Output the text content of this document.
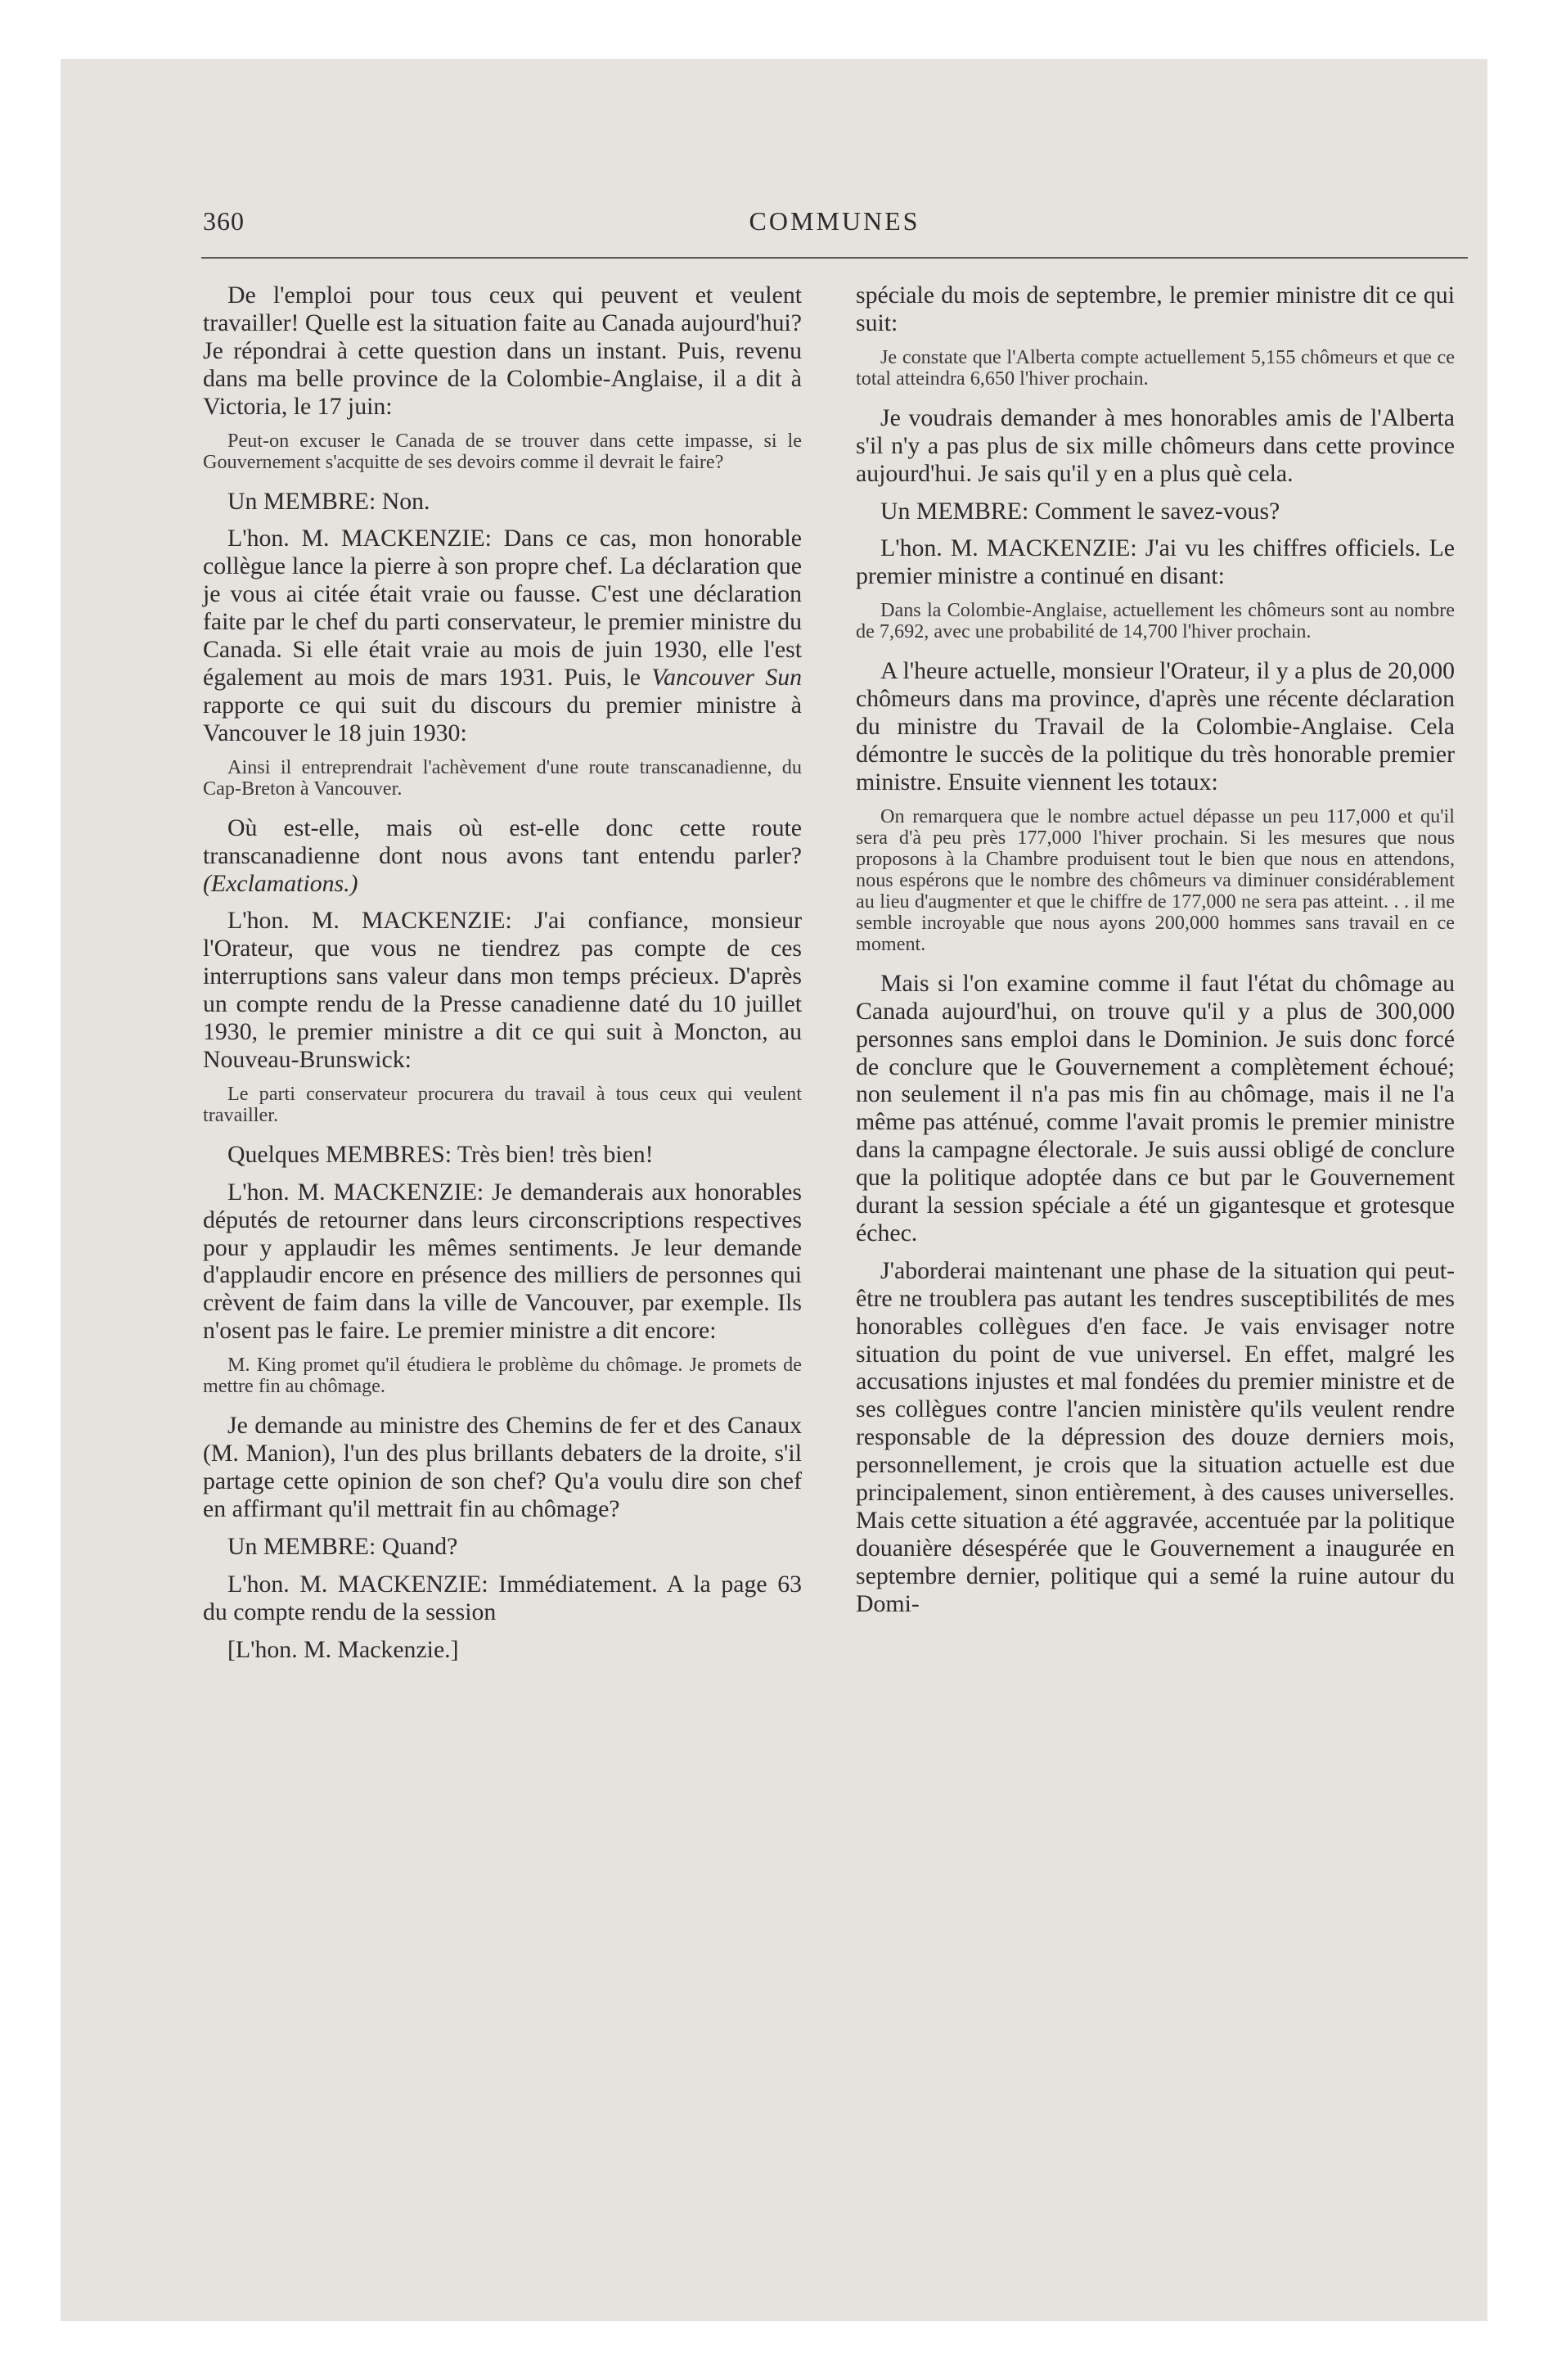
360	COMMUNES

De l'emploi pour tous ceux qui peuvent et veulent travailler! Quelle est la situation faite au Canada aujourd'hui? Je répondrai à cette question dans un instant. Puis, revenu dans ma belle province de la Colombie-Anglaise, il a dit à Victoria, le 17 juin:

Peut-on excuser le Canada de se trouver dans cette impasse, si le Gouvernement s'acquitte de ses devoirs comme il devrait le faire?

Un MEMBRE: Non.

L'hon. M. MACKENZIE: Dans ce cas, mon honorable collègue lance la pierre à son propre chef. La déclaration que je vous ai citée était vraie ou fausse. C'est une déclaration faite par le chef du parti conservateur, le premier ministre du Canada. Si elle était vraie au mois de juin 1930, elle l'est également au mois de mars 1931. Puis, le Vancouver Sun rapporte ce qui suit du discours du premier ministre à Vancouver le 18 juin 1930:

Ainsi il entreprendrait l'achèvement d'une route transcanadienne, du Cap-Breton à Vancouver.

Où est-elle, mais où est-elle donc cette route transcanadienne dont nous avons tant entendu parler? (Exclamations.)

L'hon. M. MACKENZIE: J'ai confiance, monsieur l'Orateur, que vous ne tiendrez pas compte de ces interruptions sans valeur dans mon temps précieux. D'après un compte rendu de la Presse canadienne daté du 10 juillet 1930, le premier ministre a dit ce qui suit à Moncton, au Nouveau-Brunswick:

Le parti conservateur procurera du travail à tous ceux qui veulent travailler.

Quelques MEMBRES: Très bien! très bien!

L'hon. M. MACKENZIE: Je demanderais aux honorables députés de retourner dans leurs circonscriptions respectives pour y applaudir les mêmes sentiments. Je leur demande d'applaudir encore en présence des milliers de personnes qui crèvent de faim dans la ville de Vancouver, par exemple. Ils n'osent pas le faire. Le premier ministre a dit encore:

M. King promet qu'il étudiera le problème du chômage. Je promets de mettre fin au chômage.

Je demande au ministre des Chemins de fer et des Canaux (M. Manion), l'un des plus brillants debaters de la droite, s'il partage cette opinion de son chef? Qu'a voulu dire son chef en affirmant qu'il mettrait fin au chômage?

Un MEMBRE: Quand?

L'hon. M. MACKENZIE: Immédiatement. A la page 63 du compte rendu de la session

[L'hon. M. Mackenzie.]

spéciale du mois de septembre, le premier ministre dit ce qui suit:

Je constate que l'Alberta compte actuellement 5,155 chômeurs et que ce total atteindra 6,650 l'hiver prochain.

Je voudrais demander à mes honorables amis de l'Alberta s'il n'y a pas plus de six mille chômeurs dans cette province aujourd'hui. Je sais qu'il y en a plus què cela.

Un MEMBRE: Comment le savez-vous?

L'hon. M. MACKENZIE: J'ai vu les chiffres officiels. Le premier ministre a continué en disant:

Dans la Colombie-Anglaise, actuellement les chômeurs sont au nombre de 7,692, avec une probabilité de 14,700 l'hiver prochain.

A l'heure actuelle, monsieur l'Orateur, il y a plus de 20,000 chômeurs dans ma province, d'après une récente déclaration du ministre du Travail de la Colombie-Anglaise. Cela démontre le succès de la politique du très honorable premier ministre. Ensuite viennent les totaux:

On remarquera que le nombre actuel dépasse un peu 117,000 et qu'il sera d'à peu près 177,000 l'hiver prochain. Si les mesures que nous proposons à la Chambre produisent tout le bien que nous en attendons, nous espérons que le nombre des chômeurs va diminuer considérablement au lieu d'augmenter et que le chiffre de 177,000 ne sera pas atteint. . . il me semble incroyable que nous ayons 200,000 hommes sans travail en ce moment.

Mais si l'on examine comme il faut l'état du chômage au Canada aujourd'hui, on trouve qu'il y a plus de 300,000 personnes sans emploi dans le Dominion. Je suis donc forcé de conclure que le Gouvernement a complètement échoué; non seulement il n'a pas mis fin au chômage, mais il ne l'a même pas atténué, comme l'avait promis le premier ministre dans la campagne électorale. Je suis aussi obligé de conclure que la politique adoptée dans ce but par le Gouvernement durant la session spéciale a été un gigantesque et grotesque échec.

J'aborderai maintenant une phase de la situation qui peut-être ne troublera pas autant les tendres susceptibilités de mes honorables collègues d'en face. Je vais envisager notre situation du point de vue universel. En effet, malgré les accusations injustes et mal fondées du premier ministre et de ses collègues contre l'ancien ministère qu'ils veulent rendre responsable de la dépression des douze derniers mois, personnellement, je crois que la situation actuelle est due principalement, sinon entièrement, à des causes universelles. Mais cette situation a été aggravée, accentuée par la politique douanière désespérée que le Gouvernement a inaugurée en septembre dernier, politique qui a semé la ruine autour du Domi-
